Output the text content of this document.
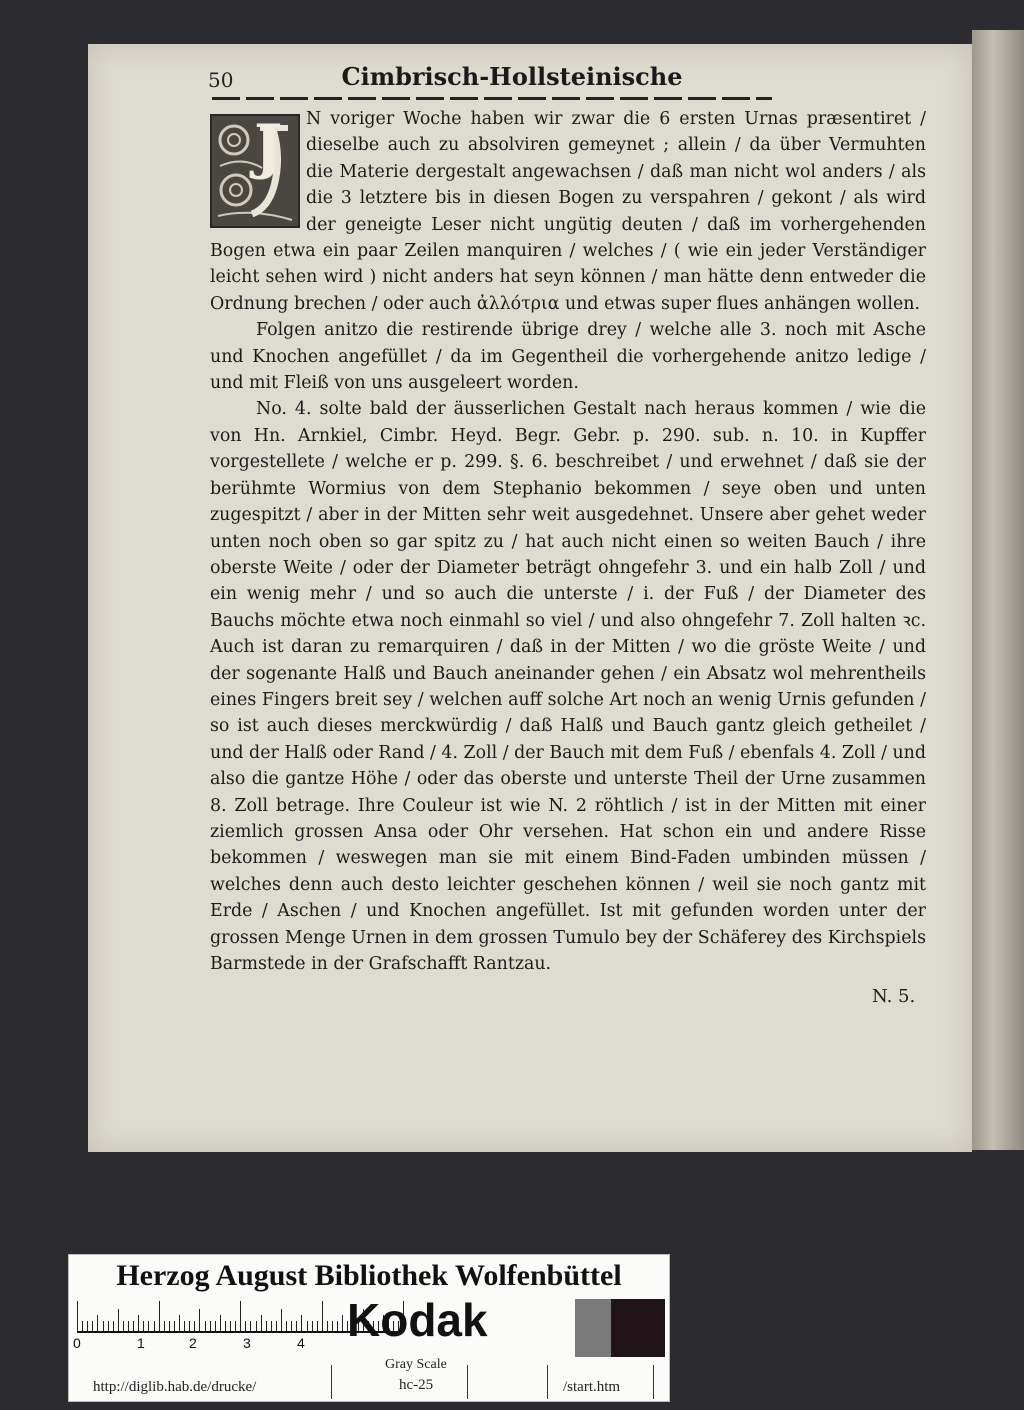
50	Cimbrisch-Hollsteinische
J	N voriger Woche haben wir zwar die 6 ersten Urnas præsentiret / dieselbe auch zu absolviren gemeynet ; allein / da über Vermuhten die Materie dergestalt angewachsen / daß man nicht wol anders / als die 3 letztere bis in diesen Bogen zu verspahren / gekont / als wird der geneigte Leser nicht ungütig deuten / daß im vorhergehenden Bogen etwa ein paar Zeilen manquiren / welches / ( wie ein jeder Verständiger leicht sehen wird ) nicht anders hat seyn können / man hätte denn entweder die Ordnung brechen / oder auch ἀλλότρια und etwas super flues anhängen wollen.

Folgen anitzo die restirende übrige drey / welche alle 3. noch mit Asche und Knochen angefüllet / da im Gegentheil die vorhergehende anitzo ledige / und mit Fleiß von uns ausgeleert worden.

No. 4. solte bald der äusserlichen Gestalt nach heraus kommen / wie die von Hn. Arnkiel, Cimbr. Heyd. Begr. Gebr. p. 290. sub. n. 10. in Kupffer vorgestellete / welche er p. 299. §. 6. beschreibet / und erwehnet / daß sie der berühmte Wormius von dem Stephanio bekommen / seye oben und unten zugespitzt / aber in der Mitten sehr weit ausgedehnet. Unsere aber gehet weder unten noch oben so gar spitz zu / hat auch nicht einen so weiten Bauch / ihre oberste Weite / oder der Diameter beträgt ohngefehr 3. und ein halb Zoll / und ein wenig mehr / und so auch die unterste / i. der Fuß / der Diameter des Bauchs möchte etwa noch einmahl so viel / und also ohngefehr 7. Zoll halten ꝛc. Auch ist daran zu remarquiren / daß in der Mitten / wo die gröste Weite / und der sogenante Halß und Bauch aneinander gehen / ein Absatz wol mehrentheils eines Fingers breit sey / welchen auff solche Art noch an wenig Urnis gefunden / so ist auch dieses merckwürdig / daß Halß und Bauch gantz gleich getheilet / und der Halß oder Rand / 4. Zoll / der Bauch mit dem Fuß / ebenfals 4. Zoll / und also die gantze Höhe / oder das oberste und unterste Theil der Urne zusammen 8. Zoll betrage. Ihre Couleur ist wie N. 2 röhtlich / ist in der Mitten mit einer ziemlich grossen Ansa oder Ohr versehen. Hat schon ein und andere Risse bekommen / weswegen man sie mit einem Bind-Faden umbinden müssen / welches denn auch desto leichter geschehen können / weil sie noch gantz mit Erde / Aschen / und Knochen angefüllet. Ist mit gefunden worden unter der grossen Menge Urnen in dem grossen Tumulo bey der Schäferey des Kirchspiels Barmstede in der Grafschafft Rantzau.

N. 5.
Herzog August Bibliothek Wolfenbüttel
0	1	2	3	4 Kodak
Gray Scale
http://diglib.hab.de/drucke/	hc-25	/start.htm
